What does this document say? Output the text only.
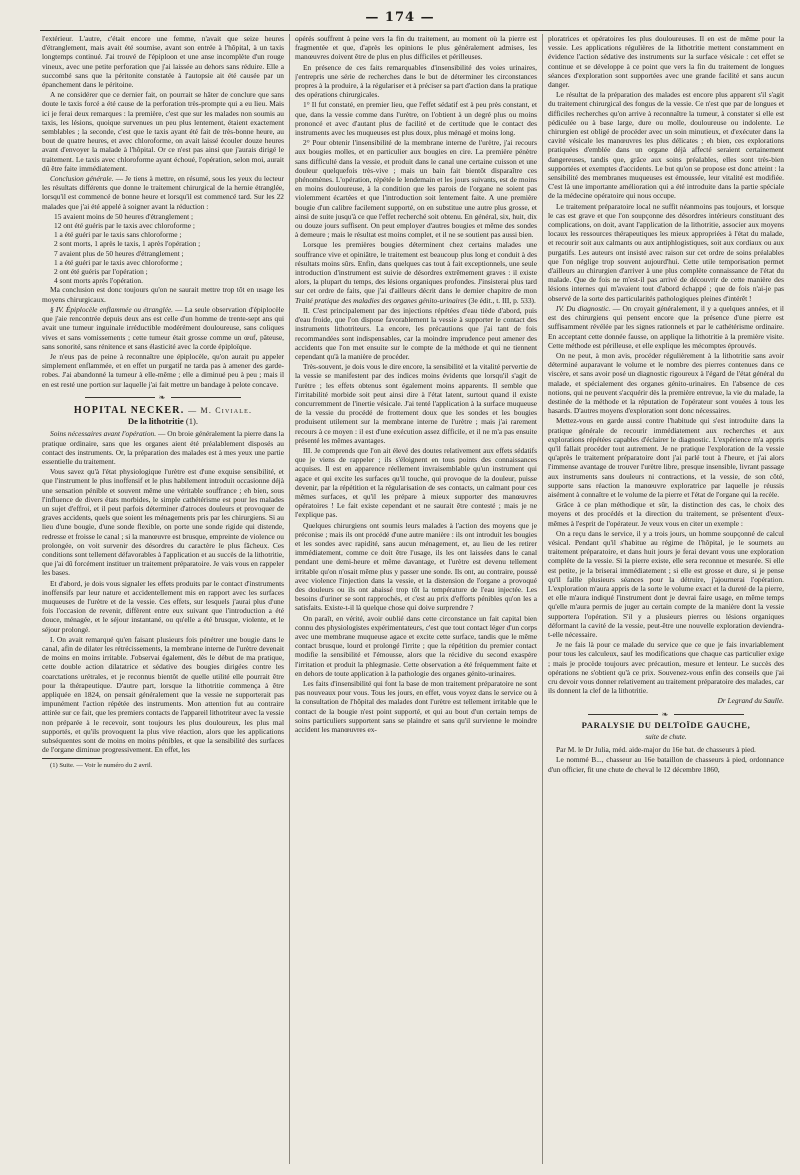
— 174 —

l'extérieur. L'autre, c'était encore une femme, n'avait que seize heures d'étranglement, mais avait été soumise, avant son entrée à l'hôpital, à un taxis longtemps continué. J'ai trouvé de l'épiploon et une anse incomplète d'un rouge vineux, avec une petite perforation que j'ai laissée au dehors sans réduire. Elle a succombé sans que la péritonite constatée à l'autopsie ait été causée par un épanchement dans le péritoine.

A ne considérer que ce dernier fait, on pourrait se hâter de conclure que sans doute le taxis forcé a été cause de la perforation très-prompte qui a eu lieu. Mais ici je ferai deux remarques : la première, c'est que sur les malades non soumis au taxis, les lésions, quoique survenues un peu plus lentement, étaient exactement semblables ; la seconde, c'est que le taxis ayant été fait de très-bonne heure, au bout de quatre heures, et avec chloroforme, on avait laissé écouler douze heures avant d'envoyer la malade à l'hôpital. Or ce n'est pas ainsi que j'aurais dirigé le traitement. Le taxis avec chloroforme ayant échoué, l'opération, selon moi, aurait dû être faite immédiatement.

Conclusion générale. — Je tiens à mettre, en résumé, sous les yeux du lecteur les résultats différents que donne le traitement chirurgical de la hernie étranglée, lorsqu'il est commencé de bonne heure et lorsqu'il est commencé tard. Sur les 22 malades que j'ai été appelé à soigner avant la réduction :

15 avaient moins de 50 heures d'étranglement ;
12 ont été guéris par le taxis avec chloroforme ;
1 a été guéri par le taxis sans chloroforme ;
2 sont morts, 1 après le taxis, 1 après l'opération ;
7 avaient plus de 50 heures d'étranglement ;
1 a été guéri par le taxis avec chloroforme ;
2 ont été guéris par l'opération ;
4 sont morts après l'opération.

Ma conclusion est donc toujours qu'on ne saurait mettre trop tôt en usage les moyens chirurgicaux.

§ IV. Épiplocèle enflammée ou étranglée. — La seule observation d'épiplocèle que j'aie rencontrée depuis deux ans est celle d'un homme de trente-sept ans qui avait une tumeur inguinale irréductible modérément douloureuse, sans coliques vives et sans vomissements ; cette tumeur était grosse comme un œuf, pâteuse, sans sonorité, sans rénitence et sans élasticité avec la corde épiploïque.

Je n'eus pas de peine à reconnaître une épiplocèle, qu'on aurait pu appeler simplement enflammée, et en effet un purgatif ne tarda pas à amener des garde-robes. J'ai abandonné la tumeur à elle-même ; elle a diminué peu à peu ; mais il en est resté une portion sur laquelle j'ai fait mettre un bandage à pelote concave.

❧
HOPITAL NECKER. — M. Civiale.
De la lithotritie (1).

Soins nécessaires avant l'opération. — On broie généralement la pierre dans la pratique ordinaire, sans que les organes aient été préalablement disposés au contact des instruments. Or, la préparation des malades est à mes yeux une partie essentielle du traitement.

Vous savez qu'à l'état physiologique l'urètre est d'une exquise sensibilité, et que l'instrument le plus inoffensif et le plus habilement introduit occasionne déjà une sensation pénible et souvent même une véritable souffrance ; eh bien, sous l'influence de divers états morbides, le simple cathétérisme est pour les malades un sujet d'effroi, et il peut parfois déterminer d'atroces douleurs et provoquer de graves accidents, quels que soient les ménagements pris par les chirurgiens. Si au lieu d'une bougie, d'une sonde flexible, on porte une sonde rigide qui distende, redresse et froisse le canal ; si la manœuvre est brusque, empreinte de violence ou prolongée, on voit survenir des désordres du caractère le plus fâcheux. Ces conditions sont tellement défavorables à l'application et au succès de la lithotritie, que j'ai dû forcément instituer un traitement préparatoire. Je vais vous en rappeler les bases.

Et d'abord, je dois vous signaler les effets produits par le contact d'instruments inoffensifs par leur nature et accidentellement mis en rapport avec les surfaces muqueuses de l'urètre et de la vessie. Ces effets, sur lesquels j'aurai plus d'une fois l'occasion de revenir, diffèrent entre eux suivant que l'introduction a été douce, ménagée, et le séjour instantané, ou qu'elle a été brusque, violente, et le séjour prolongé.

I. On avait remarqué qu'en faisant plusieurs fois pénétrer une bougie dans le canal, afin de dilater les rétrécissements, la membrane interne de l'urètre devenait de moins en moins irritable. J'observai également, dès le début de ma pratique, cette double action dilatatrice et sédative des bougies dirigées contre les coarctations urétrales, et je reconnus bientôt de quelle utilité elle pourrait être pour la thérapeutique. D'autre part, lorsque la lithotritie commença à être appliquée en 1824, on pensait généralement que la vessie ne supporterait pas impunément l'action répétée des instruments. Mon attention fut au contraire attirée sur ce fait, que les premiers contacts de l'appareil lithotriteur avec la vessie non préparée à le recevoir, sont toujours les plus douloureux, les plus mal supportés, et qu'ils provoquent la plus vive réaction, alors que les applications subséquentes sont de moins en moins pénibles, et que la sensibilité des surfaces de l'organe diminue progressivement. En effet, les

(1) Suite. — Voir le numéro du 2 avril.

opérés souffrent à peine vers la fin du traitement, au moment où la pierre est fragmentée et que, d'après les opinions le plus généralement admises, les manœuvres doivent être de plus en plus difficiles et périlleuses.

En présence de ces faits remarquables d'insensibilité des voies urinaires, j'entrepris une série de recherches dans le but de déterminer les circonstances propres à la produire, à la régulariser et à préciser sa part d'action dans la pratique des opérations chirurgicales.

1° Il fut constaté, en premier lieu, que l'effet sédatif est à peu près constant, et que, dans la vessie comme dans l'urètre, on l'obtient à un degré plus ou moins prononcé et avec d'autant plus de facilité et de certitude que le contact des instruments avec les muqueuses est plus doux, plus ménagé et moins long.

2° Pour obtenir l'insensibilité de la membrane interne de l'urètre, j'ai recours aux bougies molles, et en particulier aux bougies en cire. La première pénètre sans difficulté dans la vessie, et produit dans le canal une certaine cuisson et une douleur quelquefois très-vive ; mais un bain fait bientôt disparaître ces phénomènes. L'opération, répétée le lendemain et les jours suivants, est de moins en moins douloureuse, à la condition que les parois de l'organe ne soient pas violemment écartées et que l'introduction soit lentement faite. A une première bougie d'un calibre facilement supporté, on en substitue une autre plus grosse, et ainsi de suite jusqu'à ce que l'effet recherché soit obtenu. En général, six, huit, dix ou douze jours suffisent. On peut employer d'autres bougies et même des sondes à demeure ; mais le résultat est moins complet, et il ne se soutient pas aussi bien.

Lorsque les premières bougies déterminent chez certains malades une souffrance vive et opiniâtre, le traitement est beaucoup plus long et conduit à des résultats moins sûrs. Enfin, dans quelques cas tout à fait exceptionnels, une seule introduction d'instrument est suivie de désordres extrêmement graves : il existe alors, la plupart du temps, des lésions organiques profondes. J'insisterai plus tard sur cet ordre de faits, que j'ai d'ailleurs décrit dans le dernier chapitre de mon Traité pratique des maladies des organes génito-urinaires (3e édit., t. III, p. 533).

II. C'est principalement par des injections répétées d'eau tiède d'abord, puis d'eau froide, que l'on dispose favorablement la vessie à supporter le contact des instruments lithotriteurs. La encore, les précautions que j'ai tant de fois recommandées sont indispensables, car la moindre imprudence peut amener des accidents que l'on met ensuite sur le compte de la méthode et qui ne tiennent cependant qu'à la manière de procéder.

Très-souvent, je dois vous le dire encore, la sensibilité et la vitalité pervertie de la vessie se manifestent par des indices moins évidents que lorsqu'il s'agit de l'urètre ; les effets obtenus sont également moins apparents. Il semble que l'irritabilité morbide soit peut ainsi dire à l'état latent, surtout quand il existe concurremment de l'inertie vésicale. J'ai tenté l'application à la surface muqueuse de la vessie du procédé de frottement doux que les sondes et les bougies produisent utilement sur la membrane interne de l'urètre ; mais j'ai rarement recours à ce moyen : il est d'une exécution assez difficile, et il ne m'a pas ensuite présenté les mêmes avantages.

III. Je comprends que l'on ait élevé des doutes relativement aux effets sédatifs que je viens de rappeler ; ils s'éloignent en tous points des connaissances acquises. Il est en apparence réellement invraisemblable qu'un instrument qui agace et qui excite les surfaces qu'il touche, qui provoque de la douleur, puisse devenir, par la répétition et la régularisation de ses contacts, un calmant pour ces mêmes surfaces, et qu'il les prépare à mieux supporter des manœuvres opératoires ! Le fait existe cependant et ne saurait être contesté ; mais je ne l'explique pas.

Quelques chirurgiens ont soumis leurs malades à l'action des moyens que je préconise ; mais ils ont procédé d'une autre manière : ils ont introduit les bougies et les sondes avec rapidité, sans aucun ménagement, et, au lieu de les retirer immédiatement, comme ce doit être l'usage, ils les ont laissées dans le canal pendant une demi-heure et même davantage, et l'urètre est devenu tellement irritable qu'on n'osait même plus y passer une sonde. Ils ont, au contraire, poussé avec violence l'injection dans la vessie, et la distension de l'organe a provoqué des douleurs ou ils ont abaissé trop tôt la température de l'eau injectée. Les besoins d'uriner se sont rapprochés, et c'est au prix d'efforts pénibles qu'on les a satisfaits. Existe-t-il là quelque chose qui doive surprendre ?

On paraît, en vérité, avoir oublié dans cette circonstance un fait capital bien connu des physiologistes expérimentateurs, c'est que tout contact léger d'un corps avec une membrane muqueuse agace et excite cette surface, tandis que le même contact brusque, lourd et prolongé l'irrite ; que la répétition du premier contact modifie la sensibilité et l'émousse, alors que la récidive du second exaspère l'irritation et produit la phlegmasie. Cette observation a été fréquemment faite et en dehors de toute application à la pathologie des organes génito-urinaires.

Les faits d'insensibilité qui font la base de mon traitement préparatoire ne sont pas nouveaux pour vous. Tous les jours, en effet, vous voyez dans le service ou à la consultation de l'hôpital des malades dont l'urètre est tellement irritable que le contact de la bougie n'est point supporté, et qui au bout d'un certain temps de soins particuliers supportent sans se plaindre et sans qu'il survienne le moindre accident les manœuvres ex-

ploratrices et opératoires les plus douloureuses. Il en est de même pour la vessie. Les applications régulières de la lithotritie mettent constamment en évidence l'action sédative des instruments sur la surface vésicale : cet effet se continue et se développe à ce point que vers la fin du traitement de longues séances d'exploration sont supportées avec une grande facilité et sans aucun danger.

Le résultat de la préparation des malades est encore plus apparent s'il s'agit du traitement chirurgical des fongus de la vessie. Ce n'est que par de longues et difficiles recherches qu'on arrive à reconnaître la tumeur, à constater si elle est pédiculée ou à base large, dure ou molle, douloureuse ou indolente. Le chirurgien est obligé de procéder avec un soin minutieux, et d'exécuter dans la cavité vésicale les manœuvres les plus délicates ; eh bien, ces explorations pratiquées d'emblée dans un organe déjà affecté seraient certainement dangereuses, tandis que, grâce aux soins préalables, elles sont très-bien supportées et exemptes d'accidents. Le but qu'on se propose est donc atteint : la sensibilité des membranes muqueuses est émoussée, leur vitalité est modifiée. C'est là une importante amélioration qui a été introduite dans la partie spéciale de la médecine opératoire qui nous occupe.

Le traitement préparatoire local ne suffit néanmoins pas toujours, et lorsque le cas est grave et que l'on soupçonne des désordres intérieurs constituant des complications, on doit, avant l'application de la lithotritie, associer aux moyens locaux les ressources thérapeutiques les mieux appropriées à l'état du malade, et recourir soit aux calmants ou aux antiphlogistiques, soit aux cordiaux ou aux purgatifs. Les auteurs ont insisté avec raison sur cet ordre de soins préalables que l'on néglige trop souvent aujourd'hui. Cette utile temporisation permet d'ailleurs au chirurgien d'arriver à une plus complète connaissance de l'état du malade. Que de fois ne m'est-il pas arrivé de découvrir de cette manière des lésions internes qui m'avaient tout d'abord échappé ; que de fois n'ai-je pas observé de la sorte des particularités pathologiques pleines d'intérêt !

IV. Du diagnostic. — On croyait généralement, il y a quelques années, et il est des chirurgiens qui pensent encore que la présence d'une pierre est suffisamment révélée par les signes rationnels et par le cathétérisme ordinaire. En acceptant cette donnée fausse, on applique la lithotritie à la première visite. Cette méthode est périlleuse, et elle explique les mécomptes éprouvés.

On ne peut, à mon avis, procéder régulièrement à la lithotritie sans avoir déterminé auparavant le volume et le nombre des pierres contenues dans ce viscère, et sans avoir posé un diagnostic rigoureux à l'égard de l'état général du malade, et spécialement des organes génito-urinaires. En l'absence de ces notions, qui ne peuvent s'acquérir dès la première entrevue, la vie du malade, la destinée de la méthode et la réputation de l'opérateur sont vouées à tous les hasards. D'autres moyens d'exploration sont donc nécessaires.

Mettez-vous en garde aussi contre l'habitude qui s'est introduite dans la pratique générale de recourir immédiatement aux recherches et aux explorations répétées capables d'éclairer le diagnostic. L'expérience m'a appris qu'il fallait procéder tout autrement. Je ne pratique l'exploration de la vessie qu'après le traitement préparatoire dont j'ai parlé tout à l'heure, et j'ai alors l'immense avantage de trouver l'urètre libre, presque insensible, livrant passage aux instruments sans douleurs ni contractions, et la vessie, de son côté, supporte sans réaction la manœuvre exploratrice par laquelle je réussis aisément à connaître et le volume de la pierre et l'état de l'organe qui la recèle.

Grâce à ce plan méthodique et sûr, la distinction des cas, le choix des moyens et des procédés et la direction du traitement, se présentent d'eux-mêmes à l'esprit de l'opérateur. Je veux vous en citer un exemple :

On a reçu dans le service, il y a trois jours, un homme soupçonné de calcul vésical. Pendant qu'il s'habitue au régime de l'hôpital, je le soumets au traitement préparatoire, et dans huit jours je ferai devant vous une exploration complète de la vessie. Si la pierre existe, elle sera reconnue et mesurée. Si elle est petite, je la briserai immédiatement ; si elle est grosse et dure, si je pense qu'il faille plusieurs séances pour la détruire, j'ajournerai l'opération. L'exploration m'aura appris de la sorte le volume exact et la dureté de la pierre, et elle m'aura indiqué l'instrument dont je devrai faire usage, en même temps qu'elle m'aura permis de juger au certain compte de la manière dont la vessie supportera l'opération. S'il y a plusieurs pierres ou lésions organiques déformant la cavité de la vessie, peut-être une nouvelle exploration deviendra-t-elle nécessaire.

Je ne fais là pour ce malade du service que ce que je fais invariablement pour tous les calculeux, sauf les modifications que chaque cas particulier exige ; mais je procède toujours avec précaution, mesure et lenteur. Le succès des opérations ne s'obtient qu'à ce prix. Souvenez-vous enfin des conseils que j'ai cru devoir vous donner relativement au traitement préparatoire des malades, car ils donnent la clef de la lithotritie.

Dr Legrand du Saulle.

❧
PARALYSIE DU DELTOÏDE GAUCHE,
suite de chute.

Par M. le Dr Julia, méd. aide-major du 16e bat. de chasseurs à pied.

Le nommé B..., chasseur au 16e bataillon de chasseurs à pied, ordonnance d'un officier, fit une chute de cheval le 12 décembre 1860,
